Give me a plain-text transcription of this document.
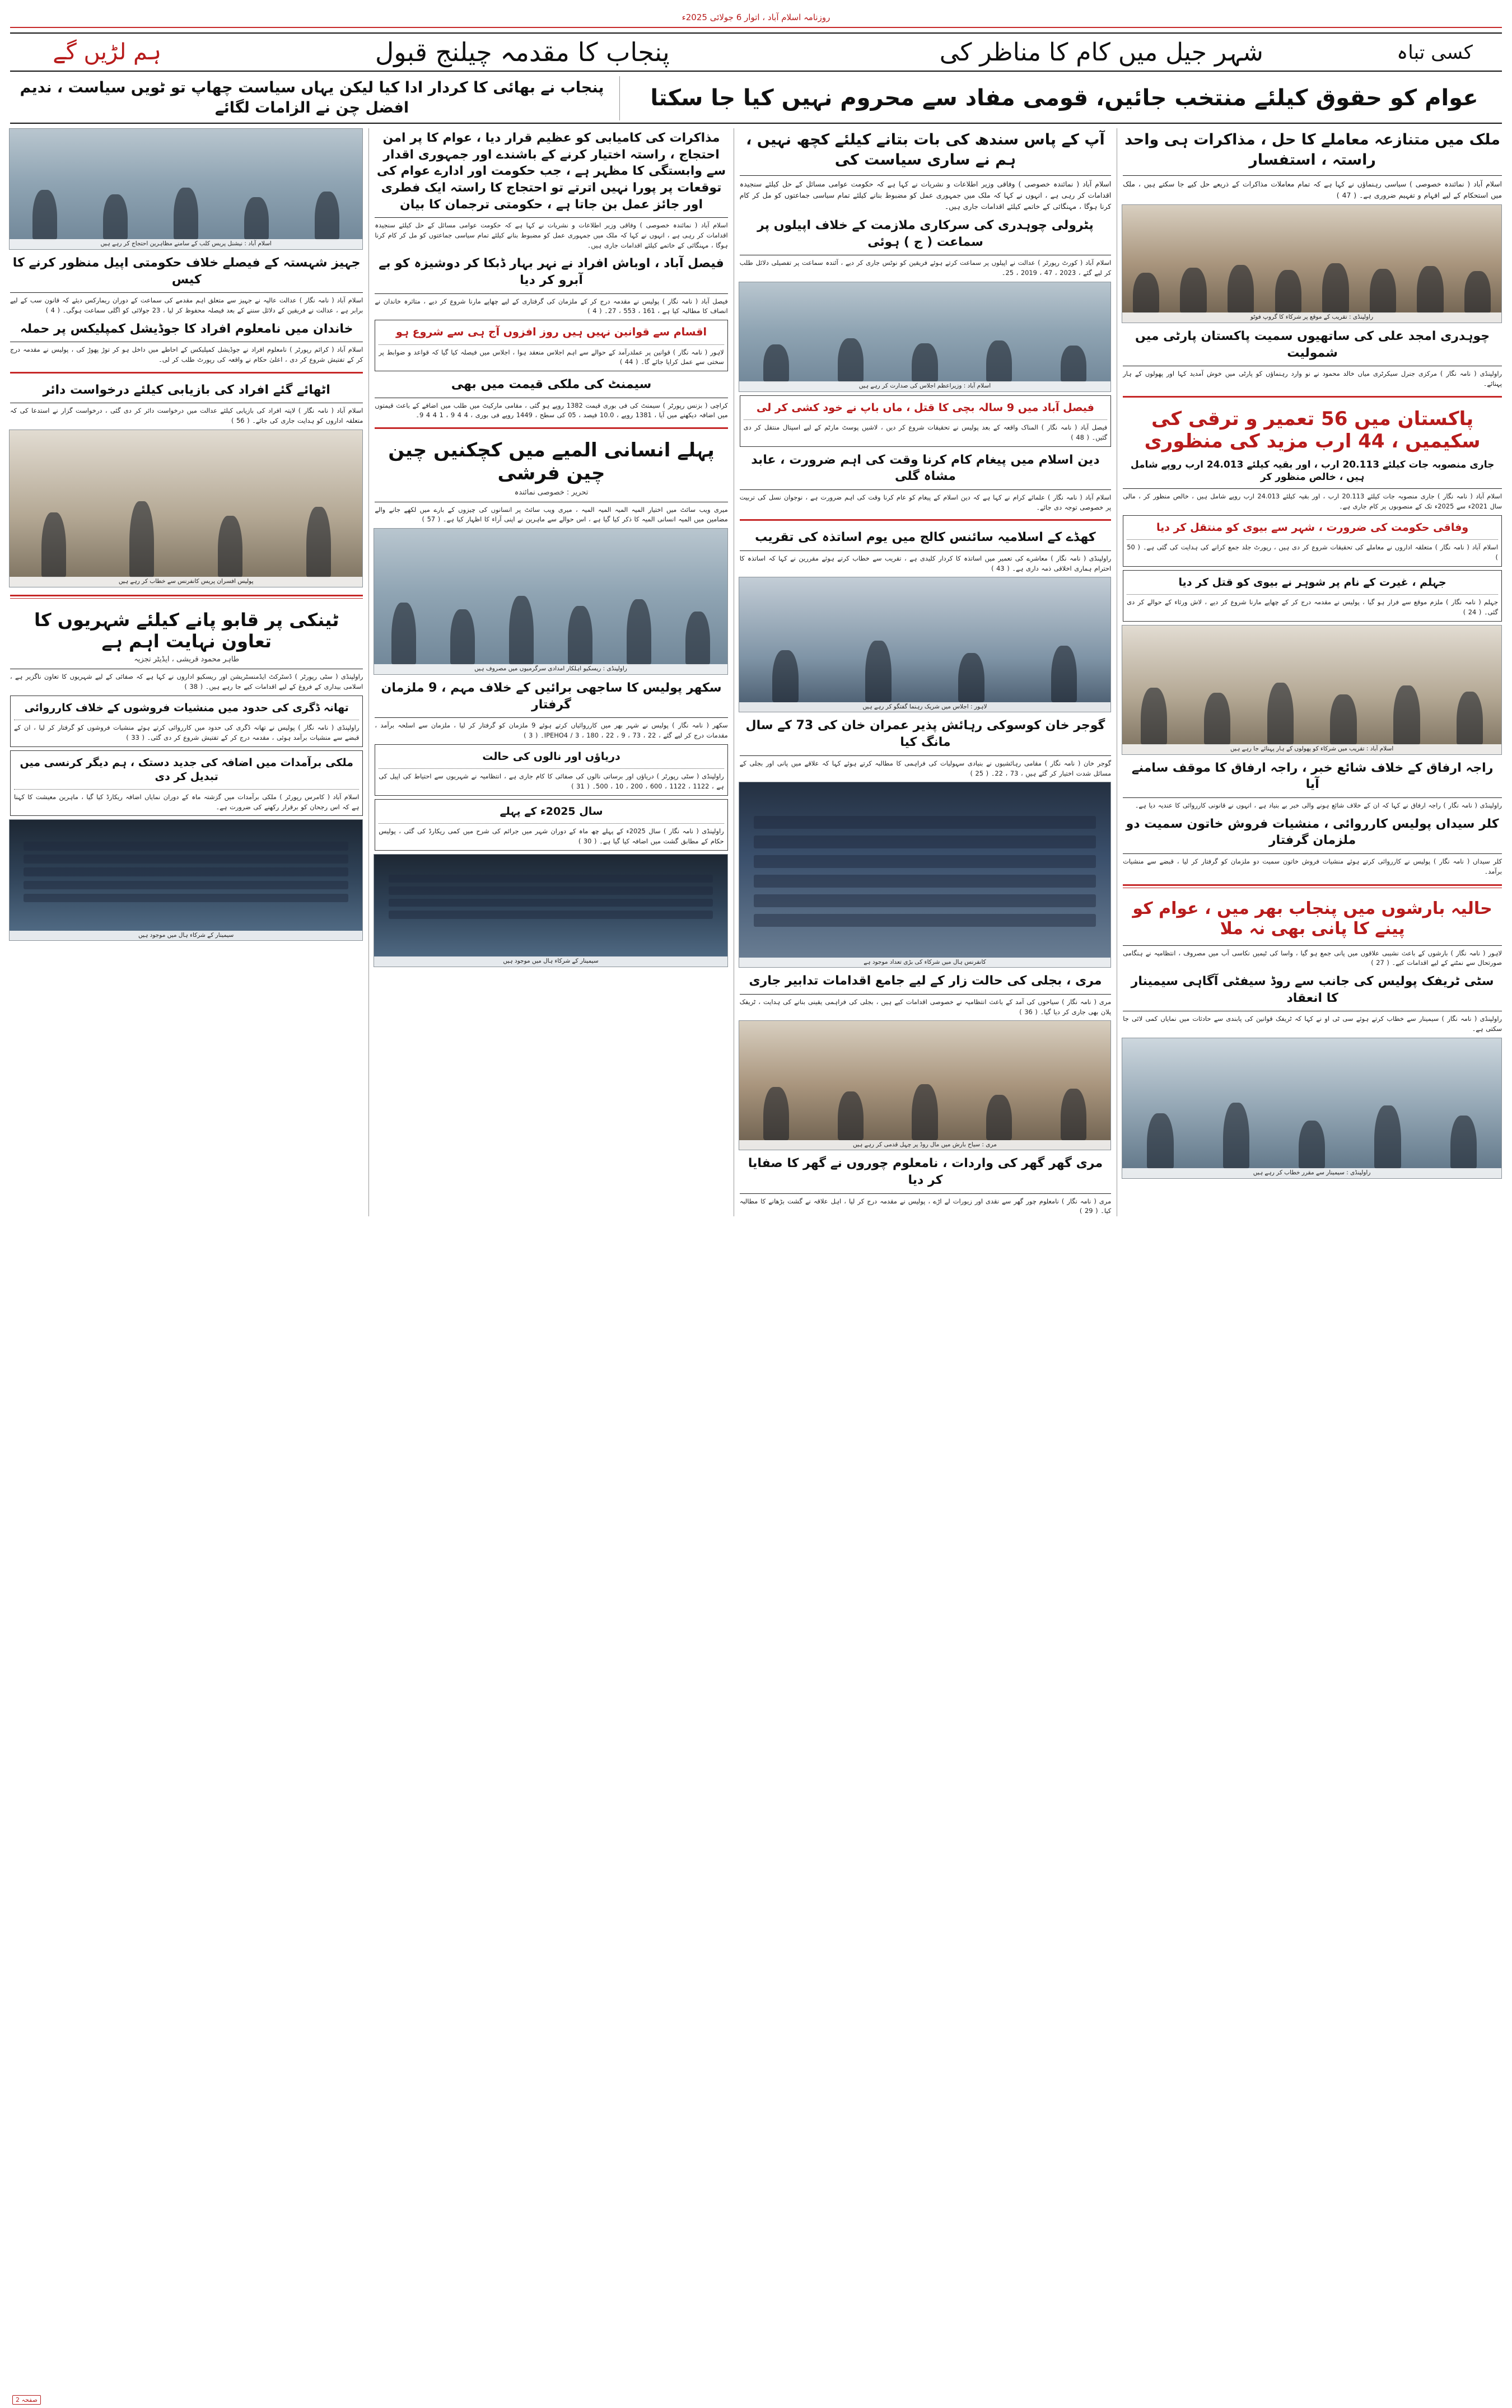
روزنامہ اسلام آباد ، اتوار 6 جولائی 2025ء
کسی تباہ
شہر جیل میں کام کا مناظر کی
پنجاب کا مقدمہ چیلنج قبول
ہم لڑیں گے
عوام کو حقوق کیلئے منتخب جائیں، قومی مفاد سے محروم نہیں کیا جا سکتا
پنجاب نے بھائی کا کردار ادا کیا لیکن یہاں سیاست چھاپ تو ٹویں سیاست ، ندیم افضل چن نے الزامات لگائے
ملک میں متنازعہ معاملے کا حل ، مذاکرات ہی واحد راستہ ، استفسار
اسلام آباد ( نمائندہ خصوصی ) سیاسی رہنماؤں نے کہا ہے کہ تمام معاملات مذاکرات کے ذریعے حل کیے جا سکتے ہیں ، ملک میں استحکام کے لیے افہام و تفہیم ضروری ہے۔ ( 47 )
راولپنڈی : تقریب کے موقع پر شرکاء کا گروپ فوٹو
چوہدری امجد علی کی ساتھیوں سمیت پاکستان پارٹی میں شمولیت
راولپنڈی ( نامہ نگار ) مرکزی جنرل سیکرٹری میاں خالد محمود نے نو وارد رہنماؤں کو پارٹی میں خوش آمدید کہا اور پھولوں کے ہار پہنائے۔
پاکستان میں 56 تعمیر و ترقی کی سکیمیں ، 44 ارب مزید کی منظوری
جاری منصوبہ جات کیلئے 20.113 ارب ، اور بقیہ کیلئے 24.013 ارب روپے شامل ہیں ، خالص منظور کر
اسلام آباد ( نامہ نگار ) جاری منصوبہ جات کیلئے 20.113 ارب ، اور بقیہ کیلئے 24.013 ارب روپے شامل ہیں ، خالص منظور کر ، مالی سال 2021ء سے 2025ء تک کے منصوبوں پر کام جاری ہے۔
وفاقی حکومت کی ضرورت ، شہر سے بیوی کو منتقل کر دیا
اسلام آباد ( نامہ نگار ) متعلقہ اداروں نے معاملے کی تحقیقات شروع کر دی ہیں ، رپورٹ جلد جمع کرانے کی ہدایت کی گئی ہے۔ ( 50 )
جہلم ، غیرت کے نام پر شوہر نے بیوی کو قتل کر دیا
جہلم ( نامہ نگار ) ملزم موقع سے فرار ہو گیا ، پولیس نے مقدمہ درج کر کے چھاپے مارنا شروع کر دیے ، لاش ورثاء کے حوالے کر دی گئی۔ ( 24 )
اسلام آباد : تقریب میں شرکاء کو پھولوں کے ہار پہنائے جا رہے ہیں
راجہ ارفاق کے خلاف شائع خبر ، راجہ ارفاق کا موقف سامنے آیا
راولپنڈی ( نامہ نگار ) راجہ ارفاق نے کہا کہ ان کے خلاف شائع ہونے والی خبر بے بنیاد ہے ، انہوں نے قانونی کارروائی کا عندیہ دیا ہے۔
کلر سیداں پولیس کارروائی ، منشیات فروش خاتون سمیت دو ملزمان گرفتار
کلر سیداں ( نامہ نگار ) پولیس نے کارروائی کرتے ہوئے منشیات فروش خاتون سمیت دو ملزمان کو گرفتار کر لیا ، قبضے سے منشیات برآمد۔
حالیہ بارشوں میں پنجاب بھر میں ، عوام کو پینے کا پانی بھی نہ ملا
لاہور ( نامہ نگار ) بارشوں کے باعث نشیبی علاقوں میں پانی جمع ہو گیا ، واسا کی ٹیمیں نکاسی آب میں مصروف ، انتظامیہ نے ہنگامی صورتحال سے نمٹنے کے لیے اقدامات کیے۔ ( 27 )
سٹی ٹریفک پولیس کی جانب سے روڈ سیفٹی آگاہی سیمینار کا انعقاد
راولپنڈی ( نامہ نگار ) سیمینار سے خطاب کرتے ہوئے سی ٹی او نے کہا کہ ٹریفک قوانین کی پابندی سے حادثات میں نمایاں کمی لائی جا سکتی ہے۔
راولپنڈی : سیمینار سے مقرر خطاب کر رہے ہیں
آپ کے پاس سندھ کی بات بتانے کیلئے کچھ نہیں ، ہم نے ساری سیاست کی
اسلام آباد ( نمائندہ خصوصی ) وفاقی وزیر اطلاعات و نشریات نے کہا ہے کہ حکومت عوامی مسائل کے حل کیلئے سنجیدہ اقدامات کر رہی ہے ، انہوں نے کہا کہ ملک میں جمہوری عمل کو مضبوط بنانے کیلئے تمام سیاسی جماعتوں کو مل کر کام کرنا ہوگا ، مہنگائی کے خاتمے کیلئے اقدامات جاری ہیں۔
پٹرولی چوہدری کی سرکاری ملازمت کے خلاف اپیلوں پر سماعت ( ج ) ہوئی
اسلام آباد ( کورٹ رپورٹر ) عدالت نے اپیلوں پر سماعت کرتے ہوئے فریقین کو نوٹس جاری کر دیے ، آئندہ سماعت پر تفصیلی دلائل طلب کر لیے گئے ، 2023 ، 47 ، 2019 ، 25۔
اسلام آباد : وزیراعظم اجلاس کی صدارت کر رہے ہیں
فیصل آباد میں 9 سالہ بچی کا قتل ، ماں باپ نے خود کشی کر لی
فیصل آباد ( نامہ نگار ) المناک واقعہ کے بعد پولیس نے تحقیقات شروع کر دیں ، لاشیں پوسٹ مارٹم کے لیے اسپتال منتقل کر دی گئیں۔ ( 48 )
دین اسلام میں پیغام کام کرنا وقت کی اہم ضرورت ، عابد مشاہ گلی
اسلام آباد ( نامہ نگار ) علمائے کرام نے کہا ہے کہ دین اسلام کے پیغام کو عام کرنا وقت کی اہم ضرورت ہے ، نوجوان نسل کی تربیت پر خصوصی توجہ دی جائے۔
کھڈے کے اسلامیہ سائنس کالج میں یوم اساتذہ کی تقریب
راولپنڈی ( نامہ نگار ) معاشرے کی تعمیر میں اساتذہ کا کردار کلیدی ہے ، تقریب سے خطاب کرتے ہوئے مقررین نے کہا کہ اساتذہ کا احترام ہماری اخلاقی ذمہ داری ہے۔ ( 43 )
لاہور : اجلاس میں شریک رہنما گفتگو کر رہے ہیں
گوجر خان کوسوکی رہائش پذیر عمران خان کی 73 کے سال مانگ کیا
گوجر خان ( نامہ نگار ) مقامی رہائشیوں نے بنیادی سہولیات کی فراہمی کا مطالبہ کرتے ہوئے کہا کہ علاقے میں پانی اور بجلی کے مسائل شدت اختیار کر گئے ہیں ، 73 ، 22۔ ( 25 )
کانفرنس ہال میں شرکاء کی بڑی تعداد موجود ہے
مری ، بجلی کی حالت زار کے لیے جامع اقدامات تدابیر جاری
مری ( نامہ نگار ) سیاحوں کی آمد کے باعث انتظامیہ نے خصوصی اقدامات کیے ہیں ، بجلی کی فراہمی یقینی بنانے کی ہدایت ، ٹریفک پلان بھی جاری کر دیا گیا۔ ( 36 )
مری : سیاح بارش میں مال روڈ پر چہل قدمی کر رہے ہیں
مری گھر گھر کی واردات ، نامعلوم چوروں نے گھر کا صفایا کر دیا
مری ( نامہ نگار ) نامعلوم چور گھر سے نقدی اور زیورات لے اڑے ، پولیس نے مقدمہ درج کر لیا ، اہل علاقہ نے گشت بڑھانے کا مطالبہ کیا۔ ( 29 )
مذاکرات کی کامیابی کو عظیم قرار دیا ، عوام کا پر امن احتجاج ، راستہ اختیار کرنے کے باشندے اور جمہوری اقدار سے وابستگی کا مظہر ہے ، جب حکومت اور ادارے عوام کی توقعات پر پورا نہیں اترتے تو احتجاج کا راستہ ایک فطری اور جائز عمل بن جاتا ہے ، حکومتی ترجمان کا بیان
اسلام آباد ( نمائندہ خصوصی ) وفاقی وزیر اطلاعات و نشریات نے کہا ہے کہ حکومت عوامی مسائل کے حل کیلئے سنجیدہ اقدامات کر رہی ہے ، انہوں نے کہا کہ ملک میں جمہوری عمل کو مضبوط بنانے کیلئے تمام سیاسی جماعتوں کو مل کر کام کرنا ہوگا ، مہنگائی کے خاتمے کیلئے اقدامات جاری ہیں۔
فیصل آباد ، اوباش افراد نے نہر بہار ڈبکا کر دوشیزہ کو بے آبرو کر دیا
فیصل آباد ( نامہ نگار ) پولیس نے مقدمہ درج کر کے ملزمان کی گرفتاری کے لیے چھاپے مارنا شروع کر دیے ، متاثرہ خاندان نے انصاف کا مطالبہ کیا ہے ، 161 ، 553 ، 27۔ ( 4 )
اقسام سے قوانین نہیں ہیں روز افزوں آج ہی سے شروع ہو
لاہور ( نامہ نگار ) قوانین پر عملدرآمد کے حوالے سے اہم اجلاس منعقد ہوا ، اجلاس میں فیصلہ کیا گیا کہ قواعد و ضوابط پر سختی سے عمل کرایا جائے گا۔ ( 44 )
سیمنٹ کی ملکی قیمت میں بھی
کراچی ( بزنس رپورٹر ) سیمنٹ کی فی بوری قیمت 1382 روپے ہو گئی ، مقامی مارکیٹ میں طلب میں اضافے کے باعث قیمتوں میں اضافہ دیکھنے میں آیا ، 1381 روپے ، 10.0 فیصد ، 05 کی سطح ، 1449 روپے فی بوری ، 4 4 9 ، 1 4 4 9۔
پہلے انسانی المیے میں کچکنیں چین چین فرشی
تحریر : خصوصی نمائندہ
میری ویب سائٹ میں اختیار المیہ المیہ المیہ المیہ ، میری ویب سائٹ پر انسانوں کی چیزوں کے بارے میں لکھے جانے والے مضامین میں المیہ انسانی المیہ کا ذکر کیا گیا ہے ، اس حوالے سے ماہرین نے اپنی آراء کا اظہار کیا ہے۔ ( 57 )
راولپنڈی : ریسکیو اہلکار امدادی سرگرمیوں میں مصروف ہیں
سکھر پولیس کا ساجھی برائیں کے خلاف مہم ، 9 ملزمان گرفتار
سکھر ( نامہ نگار ) پولیس نے شہر بھر میں کارروائیاں کرتے ہوئے 9 ملزمان کو گرفتار کر لیا ، ملزمان سے اسلحہ برآمد ، مقدمات درج کر لیے گئے ، IPEHO4 / 3 ، 180 ، 22 ، 9 ، 73 ، 22۔ ( 3 )
دریاؤں اور نالوں کی حالت
راولپنڈی ( سٹی رپورٹر ) دریاؤں اور برساتی نالوں کی صفائی کا کام جاری ہے ، انتظامیہ نے شہریوں سے احتیاط کی اپیل کی ہے ، 1122 ، 1122 ، 600 ، 200 ، 10 ، 500۔ ( 31 )
سال 2025ء کے پہلے
راولپنڈی ( نامہ نگار ) سال 2025ء کے پہلے چھ ماہ کے دوران شہر میں جرائم کی شرح میں کمی ریکارڈ کی گئی ، پولیس حکام کے مطابق گشت میں اضافہ کیا گیا ہے۔ ( 30 )
سیمینار کے شرکاء ہال میں موجود ہیں
اسلام آباد : نیشنل پریس کلب کے سامنے مظاہرین احتجاج کر رہے ہیں
جہیز شہستہ کے فیصلے خلاف حکومتی اپیل منظور کرنے کا کیس
اسلام آباد ( نامہ نگار ) عدالت عالیہ نے جہیز سے متعلق اہم مقدمے کی سماعت کے دوران ریمارکس دیئے کہ قانون سب کے لیے برابر ہے ، عدالت نے فریقین کے دلائل سننے کے بعد فیصلہ محفوظ کر لیا ، 23 جولائی کو اگلی سماعت ہوگی۔ ( 4 )
خاندان میں نامعلوم افراد کا جوڈیشل کمپلیکس پر حملہ
اسلام آباد ( کرائم رپورٹر ) نامعلوم افراد نے جوڈیشل کمپلیکس کے احاطے میں داخل ہو کر توڑ پھوڑ کی ، پولیس نے مقدمہ درج کر کے تفتیش شروع کر دی ، اعلیٰ حکام نے واقعہ کی رپورٹ طلب کر لی۔
اٹھائے گئے افراد کی بازیابی کیلئے درخواست دائر
اسلام آباد ( نامہ نگار ) لاپتہ افراد کی بازیابی کیلئے عدالت میں درخواست دائر کر دی گئی ، درخواست گزار نے استدعا کی کہ متعلقہ اداروں کو ہدایت جاری کی جائے۔ ( 56 )
پولیس افسران پریس کانفرنس سے خطاب کر رہے ہیں
ٹینکی پر قابو پانے کیلئے شہریوں کا تعاون نہایت اہم ہے
طاہر محمود قریشی ، ایڈیٹر تجزیہ
راولپنڈی ( سٹی رپورٹر ) ڈسٹرکٹ ایڈمنسٹریشن اور ریسکیو اداروں نے کہا ہے کہ صفائی کے لیے شہریوں کا تعاون ناگزیر ہے ، اسلامی بیداری کے فروغ کے لیے اقدامات کیے جا رہے ہیں۔ ( 38 )
تھانہ ڈگری کی حدود میں منشیات فروشوں کے خلاف کارروائی
راولپنڈی ( نامہ نگار ) پولیس نے تھانہ ڈگری کی حدود میں کارروائی کرتے ہوئے منشیات فروشوں کو گرفتار کر لیا ، ان کے قبضے سے منشیات برآمد ہوئی ، مقدمہ درج کر کے تفتیش شروع کر دی گئی۔ ( 33 )
ملکی برآمدات میں اضافہ کی جدید دستک ، ہم دیگر کرنسی میں تبدیل کر دی
اسلام آباد ( کامرس رپورٹر ) ملکی برآمدات میں گزشتہ ماہ کے دوران نمایاں اضافہ ریکارڈ کیا گیا ، ماہرین معیشت کا کہنا ہے کہ اس رجحان کو برقرار رکھنے کی ضرورت ہے۔
سیمینار کے شرکاء ہال میں موجود ہیں
صفحہ 2
